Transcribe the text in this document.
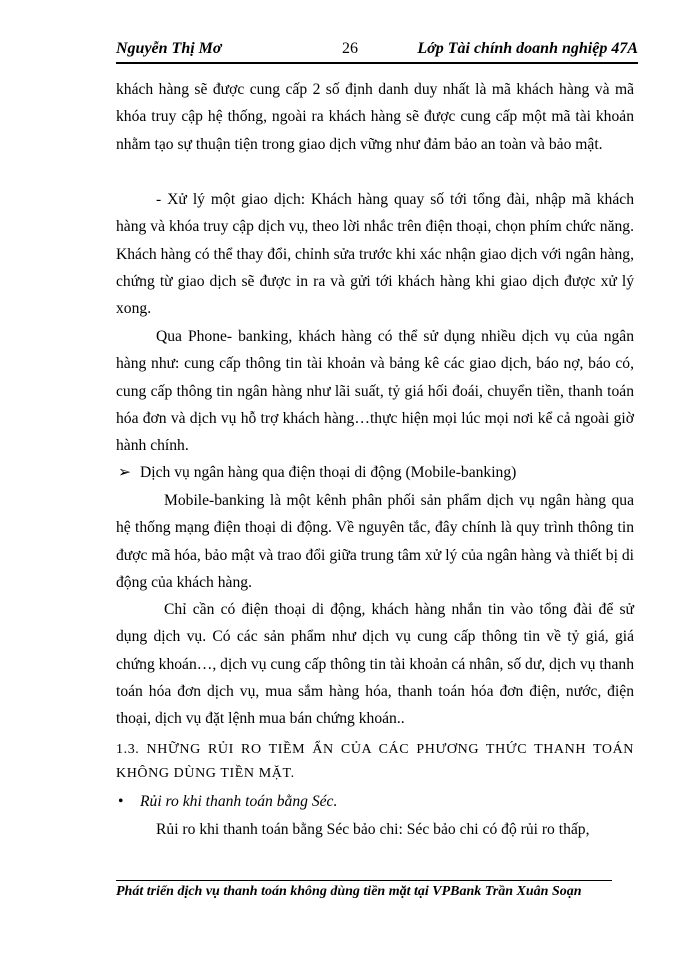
Nguyễn Thị Mơ	26	Lớp Tài chính doanh nghiệp 47A
khách hàng sẽ được cung cấp 2 số định danh duy nhất là mã khách hàng và mã khóa truy cập hệ thống, ngoài ra khách hàng sẽ được cung cấp một mã tài khoản nhằm tạo sự thuận tiện trong giao dịch vững như đảm bảo an toàn và bảo mật.
- Xử lý một giao dịch: Khách hàng quay số tới tổng đài, nhập mã khách hàng và khóa truy cập dịch vụ, theo lời nhắc trên điện thoại, chọn phím chức năng. Khách hàng có thể thay đổi, chỉnh sửa trước khi xác nhận giao dịch với ngân hàng, chứng từ giao dịch sẽ được in ra và gửi tới khách hàng khi giao dịch được xử lý xong.
Qua Phone- banking, khách hàng có thể sử dụng nhiều dịch vụ của ngân hàng như: cung cấp thông tin tài khoản và bảng kê các giao dịch, báo nợ, báo có, cung cấp thông tin ngân hàng như lãi suất, tỷ giá hối đoái, chuyển tiền, thanh toán hóa đơn và dịch vụ hỗ trợ khách hàng…thực hiện mọi lúc mọi nơi kể cả ngoài giờ hành chính.
➢ Dịch vụ ngân hàng qua điện thoại di động (Mobile-banking)
Mobile-banking là một kênh phân phối sản phẩm dịch vụ ngân hàng qua hệ thống mạng điện thoại di động. Về nguyên tắc, đây chính là quy trình thông tin được mã hóa, bảo mật và trao đổi giữa trung tâm xử lý của ngân hàng và thiết bị di động của khách hàng.
Chỉ cần có điện thoại di động, khách hàng nhắn tin vào tổng đài để sử dụng dịch vụ. Có các sản phẩm như dịch vụ cung cấp thông tin về tỷ giá, giá chứng khoán…, dịch vụ cung cấp thông tin tài khoản cá nhân, số dư, dịch vụ thanh toán hóa đơn dịch vụ, mua sắm hàng hóa, thanh toán hóa đơn điện, nước, điện thoại, dịch vụ đặt lệnh mua bán chứng khoán..
1.3. NHỮNG RỦI RO TIỀM ẨN CỦA CÁC PHƯƠNG THỨC THANH TOÁN KHÔNG DÙNG TIỀN MẶT.
•	Rủi ro khi thanh toán bằng Séc.
Rủi ro khi thanh toán bằng Séc bảo chi: Séc bảo chi có độ rủi ro thấp,
Phát triển dịch vụ thanh toán không dùng tiền mặt tại VPBank Trần Xuân Soạn
